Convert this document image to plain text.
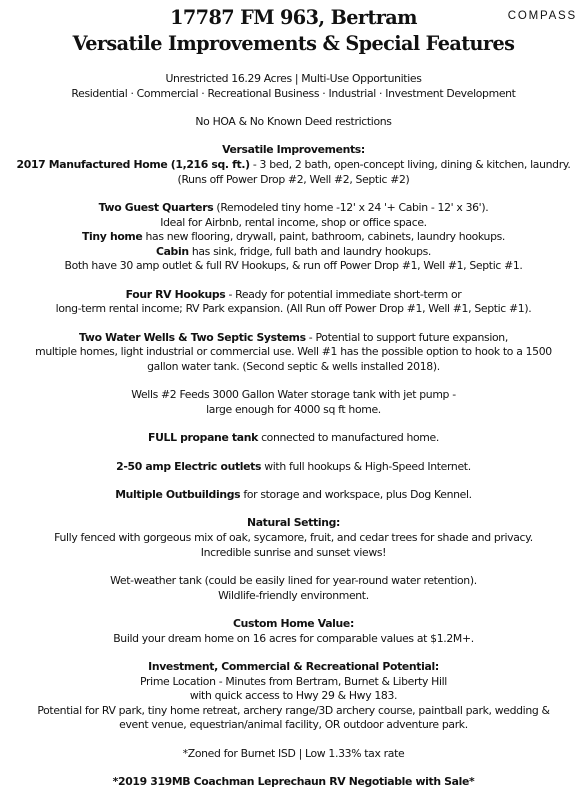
17787 FM 963, Bertram
Versatile Improvements & Special Features
COMPASS
Unrestricted 16.29 Acres | Multi-Use Opportunities
Residential · Commercial · Recreational Business · Industrial · Investment Development
No HOA & No Known Deed restrictions
Versatile Improvements:
2017 Manufactured Home (1,216 sq. ft.) - 3 bed, 2 bath, open-concept living, dining & kitchen, laundry.
(Runs off Power Drop #2, Well #2, Septic #2)
Two Guest Quarters (Remodeled tiny home -12' x 24 '+ Cabin - 12' x 36').
Ideal for Airbnb, rental income, shop or office space.
Tiny home has new flooring, drywall, paint, bathroom, cabinets, laundry hookups.
Cabin has sink, fridge, full bath and laundry hookups.
Both have 30 amp outlet & full RV Hookups, & run off Power Drop #1, Well #1, Septic #1.
Four RV Hookups - Ready for potential immediate short-term or
long-term rental income; RV Park expansion. (All Run off Power Drop #1, Well #1, Septic #1).
Two Water Wells & Two Septic Systems - Potential to support future expansion,
multiple homes, light industrial or commercial use. Well #1 has the possible option to hook to a 1500
gallon water tank. (Second septic & wells installed 2018).
Wells #2 Feeds 3000 Gallon Water storage tank with jet pump -
large enough for 4000 sq ft home.
FULL propane tank connected to manufactured home.
2-50 amp Electric outlets with full hookups & High-Speed Internet.
Multiple Outbuildings for storage and workspace, plus Dog Kennel.
Natural Setting:
Fully fenced with gorgeous mix of oak, sycamore, fruit, and cedar trees for shade and privacy.
Incredible sunrise and sunset views!
Wet-weather tank (could be easily lined for year-round water retention).
Wildlife-friendly environment.
Custom Home Value:
Build your dream home on 16 acres for comparable values at $1.2M+.
Investment, Commercial & Recreational Potential:
Prime Location - Minutes from Bertram, Burnet & Liberty Hill
with quick access to Hwy 29 & Hwy 183.
Potential for RV park, tiny home retreat, archery range/3D archery course, paintball park, wedding &
event venue, equestrian/animal facility, OR outdoor adventure park.
*Zoned for Burnet ISD | Low 1.33% tax rate
*2019 319MB Coachman Leprechaun RV Negotiable with Sale*
